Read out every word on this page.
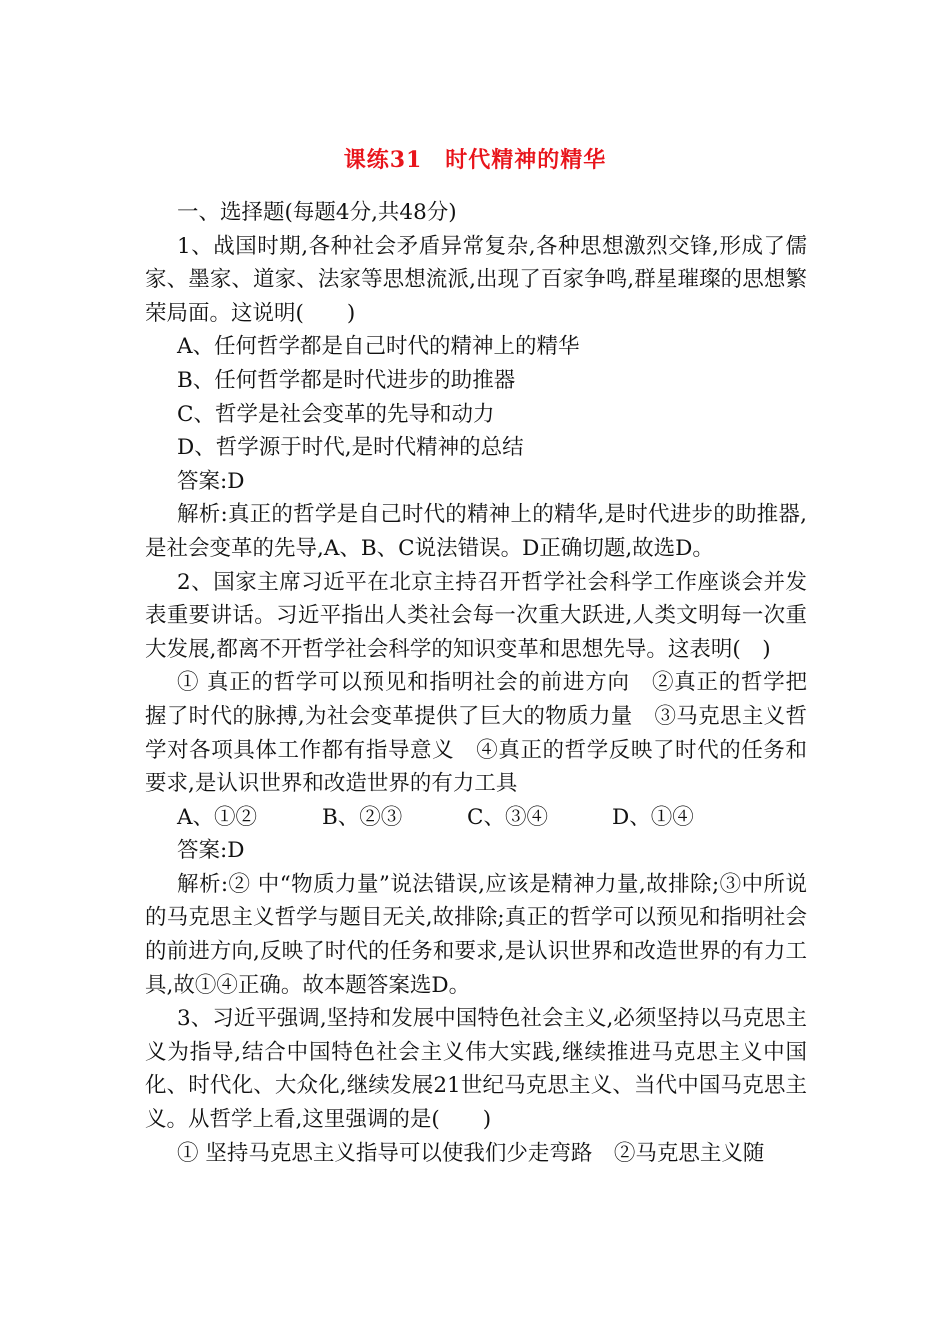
课练31　时代精神的精华

一、选择题(每题4分,共48分)

1、战国时期,各种社会矛盾异常复杂,各种思想激烈交锋,形成了儒家、墨家、道家、法家等思想流派,出现了百家争鸣,群星璀璨的思想繁荣局面。这说明(　　)

A、任何哲学都是自己时代的精神上的精华

B、任何哲学都是时代进步的助推器

C、哲学是社会变革的先导和动力

D、哲学源于时代,是时代精神的总结

答案:D

解析:真正的哲学是自己时代的精神上的精华,是时代进步的助推器,是社会变革的先导,A、B、C说法错误。D正确切题,故选D。

2、国家主席习近平在北京主持召开哲学社会科学工作座谈会并发表重要讲话。习近平指出人类社会每一次重大跃进,人类文明每一次重大发展,都离不开哲学社会科学的知识变革和思想先导。这表明(　)

① 真正的哲学可以预见和指明社会的前进方向　②真正的哲学把握了时代的脉搏,为社会变革提供了巨大的物质力量　③马克思主义哲学对各项具体工作都有指导意义　④真正的哲学反映了时代的任务和要求,是认识世界和改造世界的有力工具

A、①②	B、②③	C、③④	D、①④

答案:D

解析:② 中“物质力量”说法错误,应该是精神力量,故排除;③中所说的马克思主义哲学与题目无关,故排除;真正的哲学可以预见和指明社会的前进方向,反映了时代的任务和要求,是认识世界和改造世界的有力工具,故①④正确。故本题答案选D。

3、习近平强调,坚持和发展中国特色社会主义,必须坚持以马克思主义为指导,结合中国特色社会主义伟大实践,继续推进马克思主义中国化、时代化、大众化,继续发展21世纪马克思主义、当代中国马克思主义。从哲学上看,这里强调的是(　　)

① 坚持马克思主义指导可以使我们少走弯路　②马克思主义随
